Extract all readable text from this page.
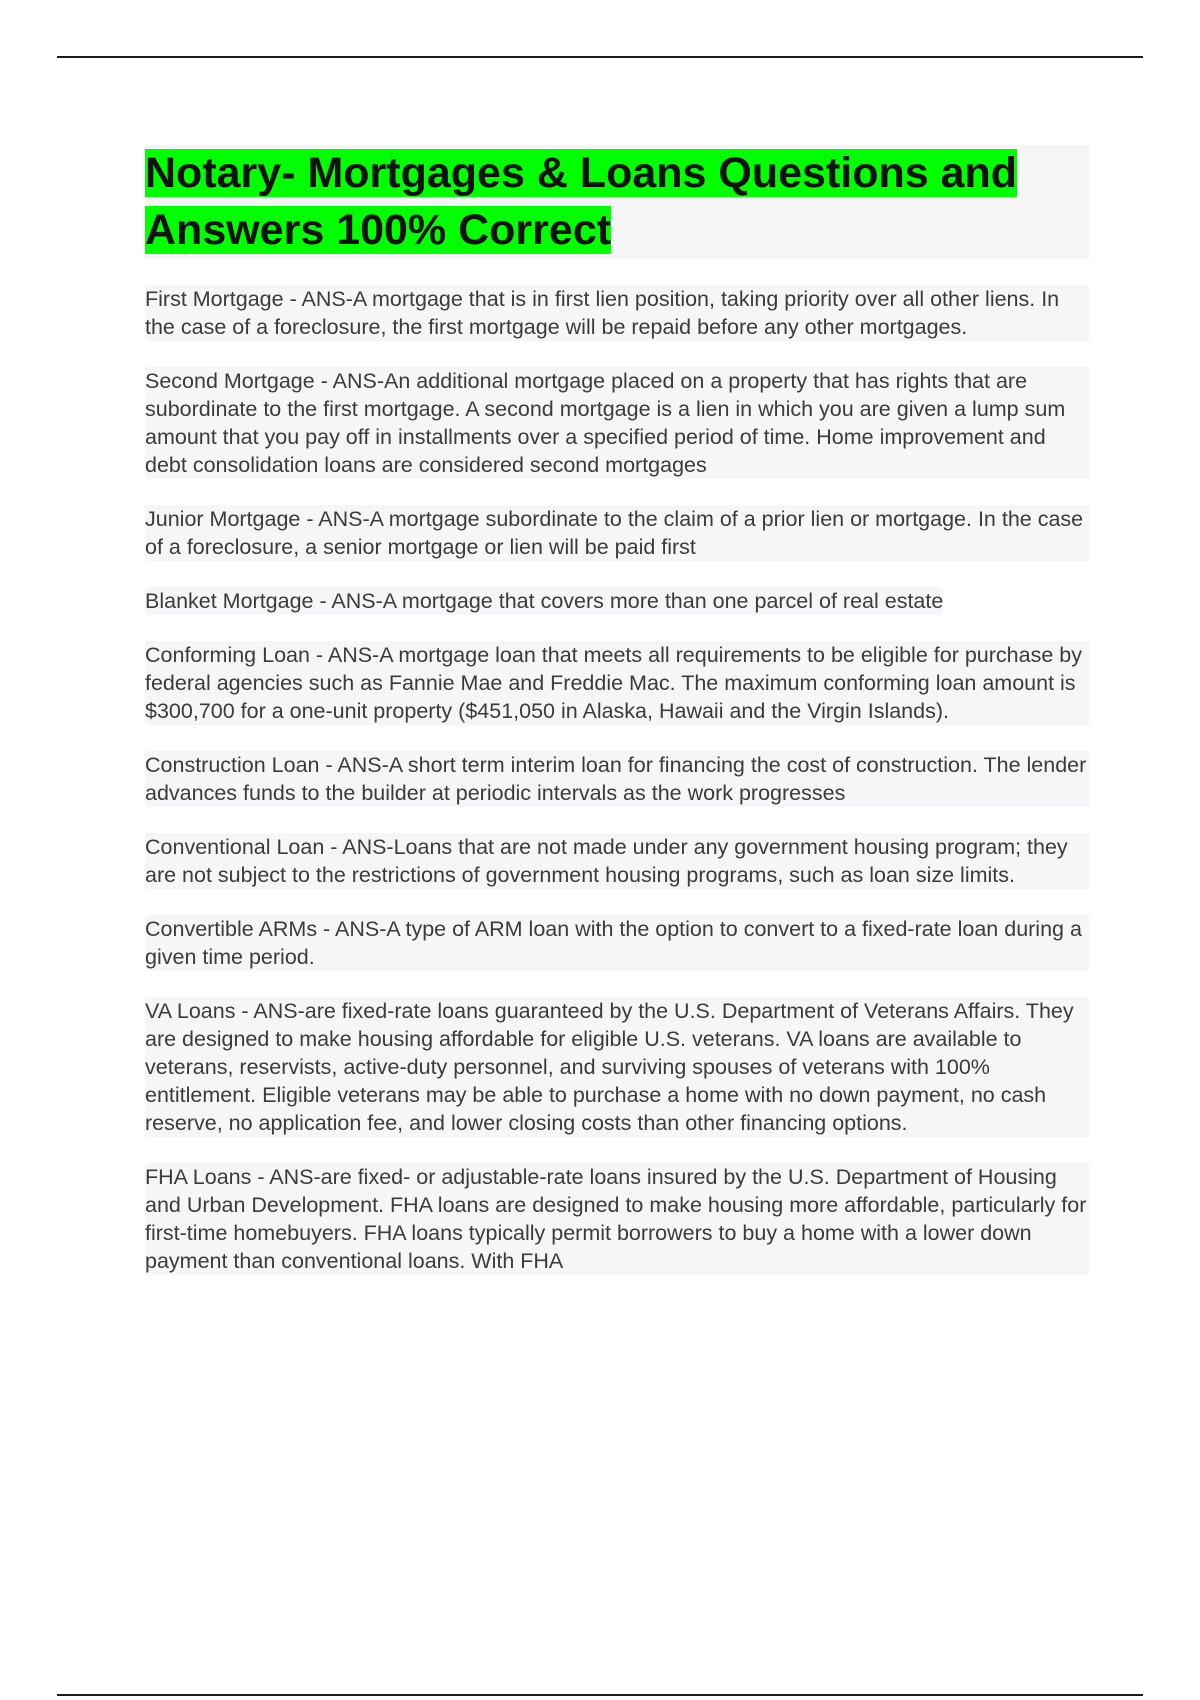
Notary- Mortgages & Loans Questions and Answers 100% Correct

First Mortgage - ANS-A mortgage that is in first lien position, taking priority over all other liens. In the case of a foreclosure, the first mortgage will be repaid before any other mortgages.

Second Mortgage - ANS-An additional mortgage placed on a property that has rights that are subordinate to the first mortgage. A second mortgage is a lien in which you are given a lump sum amount that you pay off in installments over a specified period of time. Home improvement and debt consolidation loans are considered second mortgages

Junior Mortgage - ANS-A mortgage subordinate to the claim of a prior lien or mortgage. In the case of a foreclosure, a senior mortgage or lien will be paid first

Blanket Mortgage - ANS-A mortgage that covers more than one parcel of real estate

Conforming Loan - ANS-A mortgage loan that meets all requirements to be eligible for purchase by federal agencies such as Fannie Mae and Freddie Mac. The maximum conforming loan amount is $300,700 for a one-unit property ($451,050 in Alaska, Hawaii and the Virgin Islands).

Construction Loan - ANS-A short term interim loan for financing the cost of construction. The lender advances funds to the builder at periodic intervals as the work progresses

Conventional Loan - ANS-Loans that are not made under any government housing program; they are not subject to the restrictions of government housing programs, such as loan size limits.

Convertible ARMs - ANS-A type of ARM loan with the option to convert to a fixed-rate loan during a given time period.

VA Loans - ANS-are fixed-rate loans guaranteed by the U.S. Department of Veterans Affairs. They are designed to make housing affordable for eligible U.S. veterans. VA loans are available to veterans, reservists, active-duty personnel, and surviving spouses of veterans with 100% entitlement. Eligible veterans may be able to purchase a home with no down payment, no cash reserve, no application fee, and lower closing costs than other financing options.

FHA Loans - ANS-are fixed- or adjustable-rate loans insured by the U.S. Department of Housing and Urban Development. FHA loans are designed to make housing more affordable, particularly for first-time homebuyers. FHA loans typically permit borrowers to buy a home with a lower down payment than conventional loans. With FHA
